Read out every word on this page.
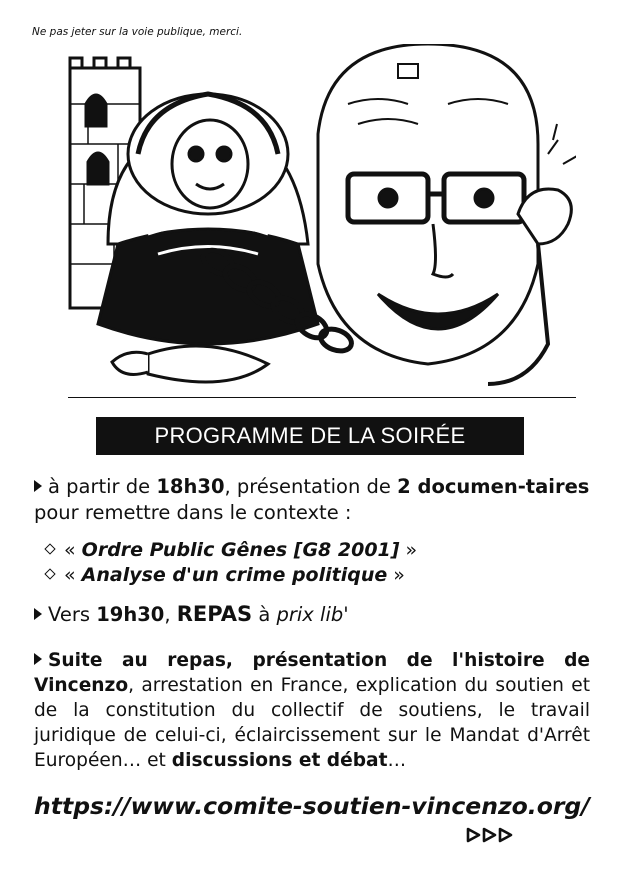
Ne pas jeter sur la voie publique, merci.
PROGRAMME DE LA SOIRÉE
à partir de 18h30, présentation de 2 documen-taires pour remettre dans le contexte :
« Ordre Public Gênes [G8 2001] »
« Analyse d'un crime politique »
Vers 19h30, REPAS à prix lib'
Suite au repas, présentation de l'histoire de Vincenzo, arrestation en France, explication du soutien et de la constitution du collectif de soutiens, le travail juridique de celui-ci, éclaircissement sur le Mandat d'Arrêt Européen… et discussions et débat…
https://www.comite-soutien-vincenzo.org/
